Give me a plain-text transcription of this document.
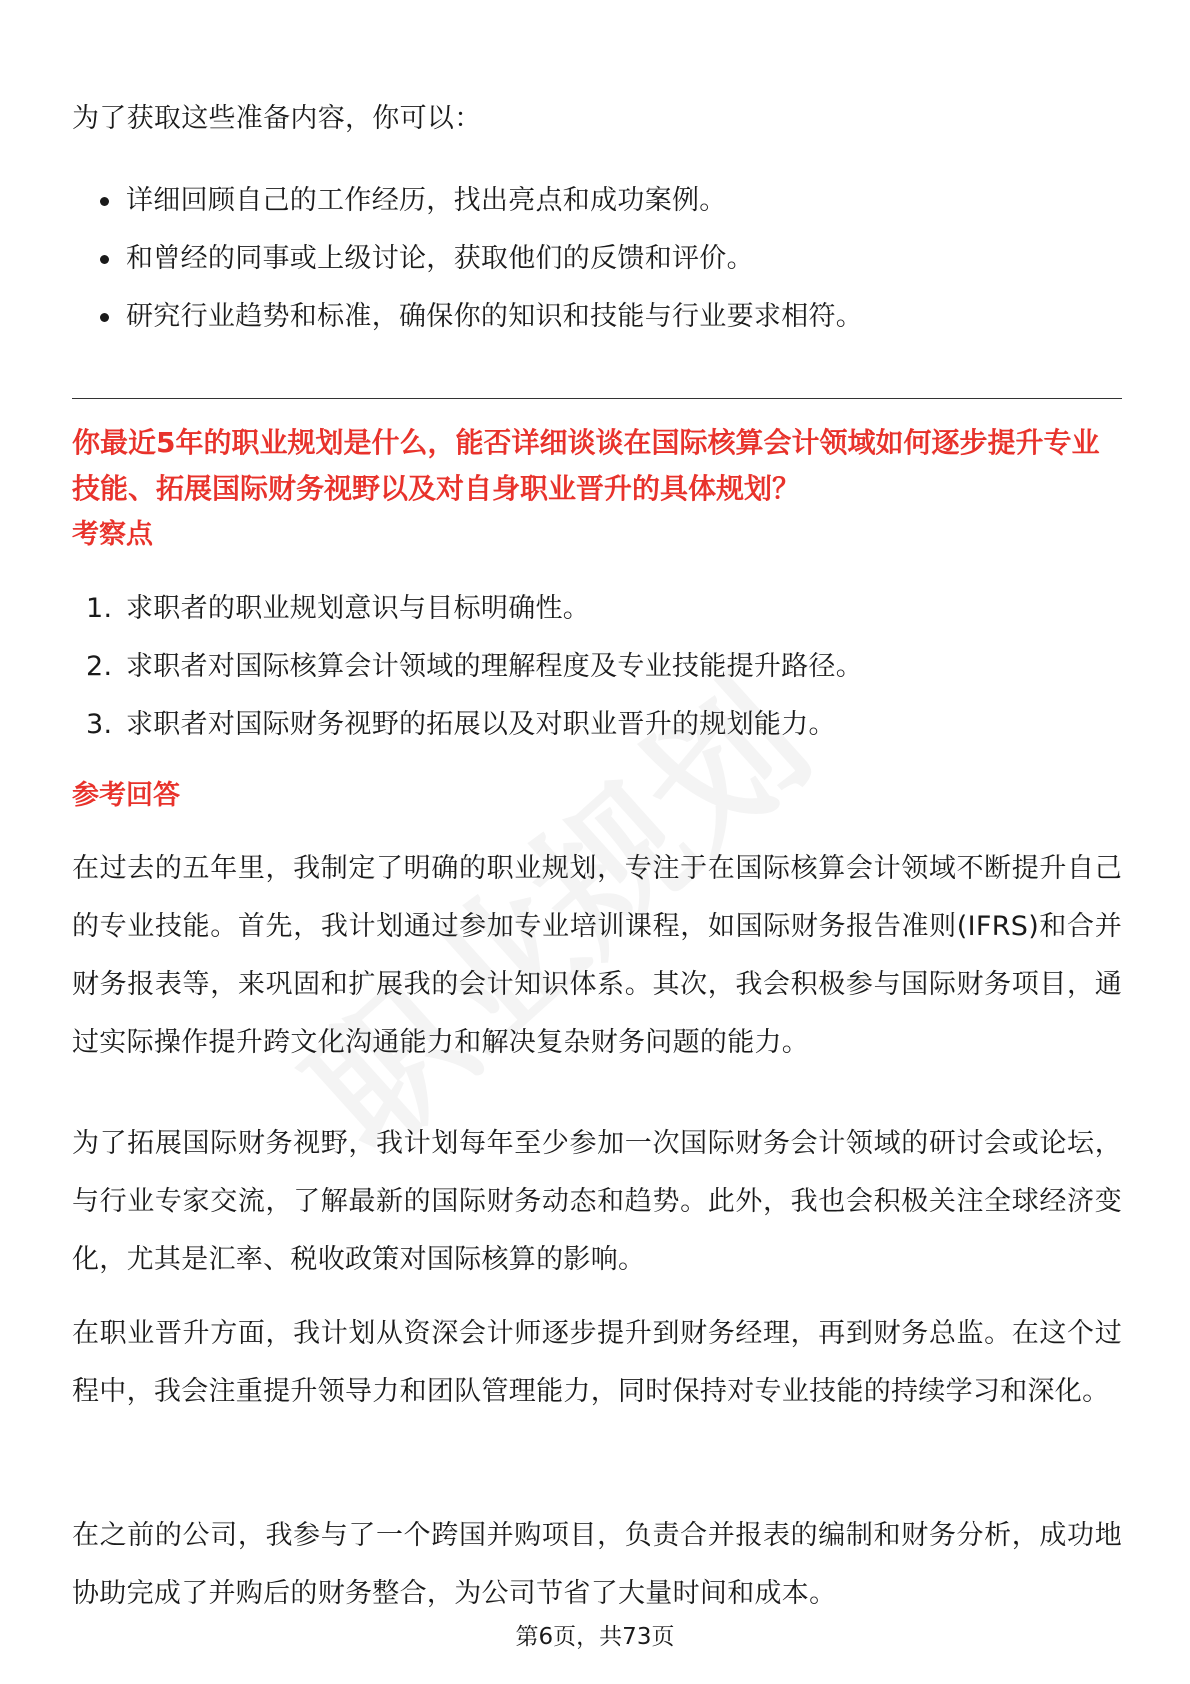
为了获取这些准备内容，你可以：

详细回顾自己的工作经历，找出亮点和成功案例。
和曾经的同事或上级讨论，获取他们的反馈和评价。
研究行业趋势和标准，确保你的知识和技能与行业要求相符。

你最近5年的职业规划是什么，能否详细谈谈在国际核算会计领域如何逐步提升专业技能、拓展国际财务视野以及对自身职业晋升的具体规划？

考察点
1. 求职者的职业规划意识与目标明确性。
2. 求职者对国际核算会计领域的理解程度及专业技能提升路径。
3. 求职者对国际财务视野的拓展以及对职业晋升的规划能力。
参考回答

在过去的五年里，我制定了明确的职业规划，专注于在国际核算会计领域不断提升自己的专业技能。首先，我计划通过参加专业培训课程，如国际财务报告准则(IFRS)和合并财务报表等，来巩固和扩展我的会计知识体系。其次，我会积极参与国际财务项目，通过实际操作提升跨文化沟通能力和解决复杂财务问题的能力。

为了拓展国际财务视野，我计划每年至少参加一次国际财务会计领域的研讨会或论坛，与行业专家交流，了解最新的国际财务动态和趋势。此外，我也会积极关注全球经济变化，尤其是汇率、税收政策对国际核算的影响。

在职业晋升方面，我计划从资深会计师逐步提升到财务经理，再到财务总监。在这个过程中，我会注重提升领导力和团队管理能力，同时保持对专业技能的持续学习和深化。

在之前的公司，我参与了一个跨国并购项目，负责合并报表的编制和财务分析，成功地协助完成了并购后的财务整合，为公司节省了大量时间和成本。

第6页，共73页
